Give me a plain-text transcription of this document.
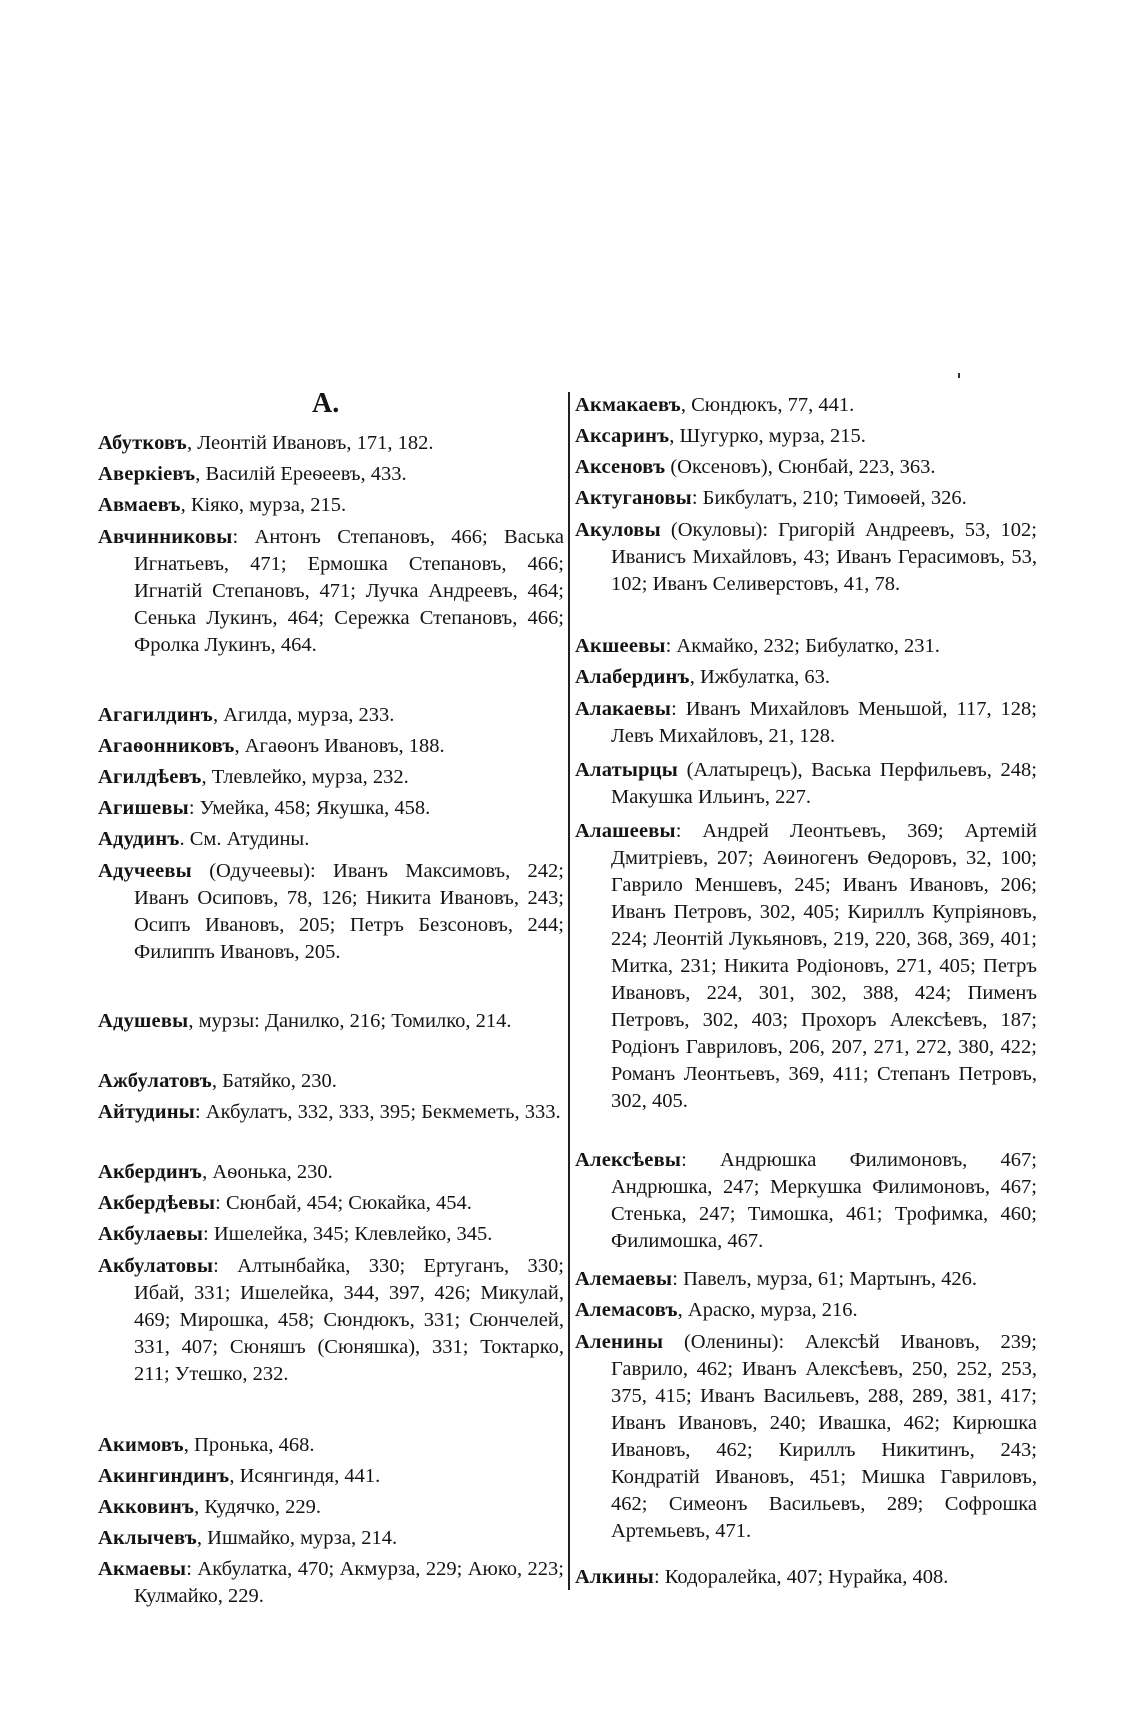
А.
Абутковъ, Леонтій Ивановъ, 171, 182.
Аверкіевъ, Василій Ереѳеевъ, 433.
Авмаевъ, Кіяко, мурза, 215.
Авчинниковы: Антонъ Степановъ, 466; Васька Игнатьевъ, 471; Ермошка Степановъ, 466; Игнатій Степановъ, 471; Лучка Андреевъ, 464; Сенька Лукинъ, 464; Сережка Степановъ, 466; Фролка Лукинъ, 464.
Агагилдинъ, Агилда, мурза, 233.
Агаѳонниковъ, Агаѳонъ Ивановъ, 188.
Агилдѣевъ, Тлевлейко, мурза, 232.
Агишевы: Умейка, 458; Якушка, 458.
Адудинъ. См. Атудины.
Адучеевы (Одучеевы): Иванъ Максимовъ, 242; Иванъ Осиповъ, 78, 126; Никита Ивановъ, 243; Осипъ Ивановъ, 205; Петръ Безсоновъ, 244; Филиппъ Ивановъ, 205.
Адушевы, мурзы: Данилко, 216; Томилко, 214.
Ажбулатовъ, Батяйко, 230.
Айтудины: Акбулатъ, 332, 333, 395; Бекмеметь, 333.
Акбердинъ, Аѳонька, 230.
Акбердѣевы: Сюнбай, 454; Сюкайка, 454.
Акбулаевы: Ишелейка, 345; Клевлейко, 345.
Акбулатовы: Алтынбайка, 330; Ертуганъ, 330; Ибай, 331; Ишелейка, 344, 397, 426; Микулай, 469; Мирошка, 458; Сюндюкъ, 331; Сюнчелей, 331, 407; Сюняшъ (Сюняшка), 331; Токтарко, 211; Утешко, 232.
Акимовъ, Пронька, 468.
Акингиндинъ, Исянгиндя, 441.
Акковинъ, Кудячко, 229.
Аклычевъ, Ишмайко, мурза, 214.
Акмаевы: Акбулатка, 470; Акмурза, 229; Аюко, 223; Кулмайко, 229.
Акмакаевъ, Сюндюкъ, 77, 441.
Аксаринъ, Шугурко, мурза, 215.
Аксеновъ (Оксеновъ), Сюнбай, 223, 363.
Актугановы: Бикбулатъ, 210; Тимоѳей, 326.
Акуловы (Окуловы): Григорій Андреевъ, 53, 102; Иванисъ Михайловъ, 43; Иванъ Герасимовъ, 53, 102; Иванъ Селиверстовъ, 41, 78.
Акшеевы: Акмайко, 232; Бибулатко, 231.
Алабердинъ, Ижбулатка, 63.
Алакаевы: Иванъ Михайловъ Меньшой, 117, 128; Левъ Михайловъ, 21, 128.
Алатырцы (Алатырецъ), Васька Перфильевъ, 248; Макушка Ильинъ, 227.
Алашеевы: Андрей Леонтьевъ, 369; Артемій Дмитріевъ, 207; Аѳиногенъ Ѳедоровъ, 32, 100; Гаврило Меншевъ, 245; Иванъ Ивановъ, 206; Иванъ Петровъ, 302, 405; Кириллъ Купріяновъ, 224; Леонтій Лукьяновъ, 219, 220, 368, 369, 401; Митка, 231; Никита Родіоновъ, 271, 405; Петръ Ивановъ, 224, 301, 302, 388, 424; Пименъ Петровъ, 302, 403; Прохоръ Алексѣевъ, 187; Родіонъ Гавриловъ, 206, 207, 271, 272, 380, 422; Романъ Леонтьевъ, 369, 411; Степанъ Петровъ, 302, 405.
Алексѣевы: Андрюшка Филимоновъ, 467; Андрюшка, 247; Меркушка Филимоновъ, 467; Стенька, 247; Тимошка, 461; Трофимка, 460; Филимошка, 467.
Алемаевы: Павелъ, мурза, 61; Мартынъ, 426.
Алемасовъ, Араско, мурза, 216.
Аленины (Оленины): Алексѣй Ивановъ, 239; Гаврило, 462; Иванъ Алексѣевъ, 250, 252, 253, 375, 415; Иванъ Васильевъ, 288, 289, 381, 417; Иванъ Ивановъ, 240; Ивашка, 462; Кирюшка Ивановъ, 462; Кириллъ Никитинъ, 243; Кондратій Ивановъ, 451; Мишка Гавриловъ, 462; Симеонъ Васильевъ, 289; Софрошка Артемьевъ, 471.
Алкины: Кодоралейка, 407; Нурайка, 408.
